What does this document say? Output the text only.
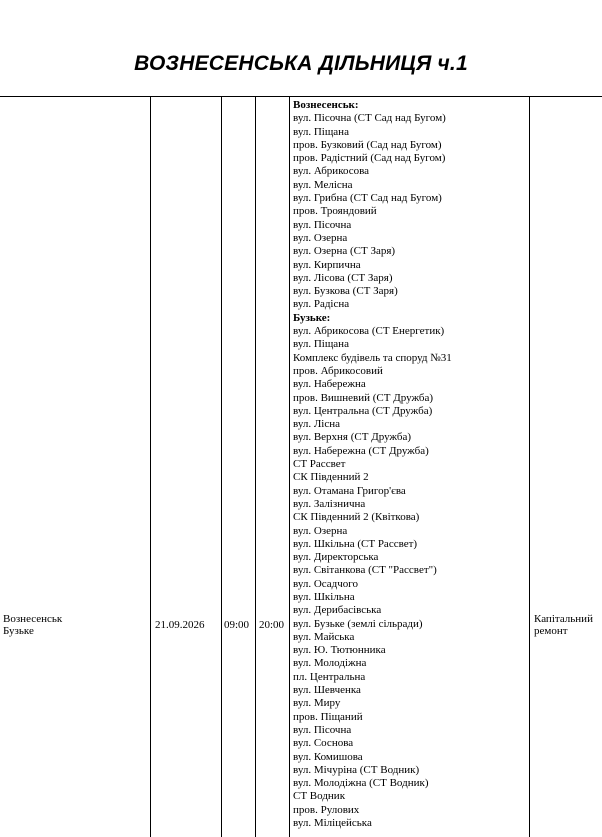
ВОЗНЕСЕНСЬКА ДІЛЬНИЦЯ ч.1
Вознесенськ
Бузьке	21.09.2026 09:00 20:00	Капітальний
ремонт
Вознесенськ:
вул. Пісочна (СТ Сад над Бугом)
вул. Піщана
пров. Бузковий (Сад над Бугом)
пров. Радістний (Сад над Бугом)
вул. Абрикосова
вул. Мелісна
вул. Грибна (СТ Сад над Бугом)
пров. Трояндовий
вул. Пісочна
вул. Озерна
вул. Озерна (СТ Заря)
вул. Кирпична
вул. Лісова (СТ Заря)
вул. Бузкова (СТ Заря)
вул. Радісна
Бузьке:
вул. Абрикосова (СТ Енергетик)
вул. Піщана
Комплекс будівель та споруд №31
пров. Абрикосовий
вул. Набережна
пров. Вишневий (СТ Дружба)
вул. Центральна (СТ Дружба)
вул. Лісна
вул. Верхня (СТ Дружба)
вул. Набережна (СТ Дружба)
СТ Рассвет
СК Південний 2
вул. Отамана Григор'єва
вул. Залізнична
СК Південний 2 (Квіткова)
вул. Озерна
вул. Шкільна (СТ Рассвет)
вул. Директорська
вул. Світанкова (СТ "Рассвет")
вул. Осадчого
вул. Шкільна
вул. Дерибасівська
вул. Бузьке (землі сільради)
вул. Майська
вул. Ю. Тютюнника
вул. Молодіжна
пл. Центральна
вул. Шевченка
вул. Миру
пров. Піщаний
вул. Пісочна
вул. Соснова
вул. Комишова
вул. Мічуріна (СТ Водник)
вул. Молодіжна (СТ Водник)
СТ Водник
пров. Рулових
вул. Міліцейська
